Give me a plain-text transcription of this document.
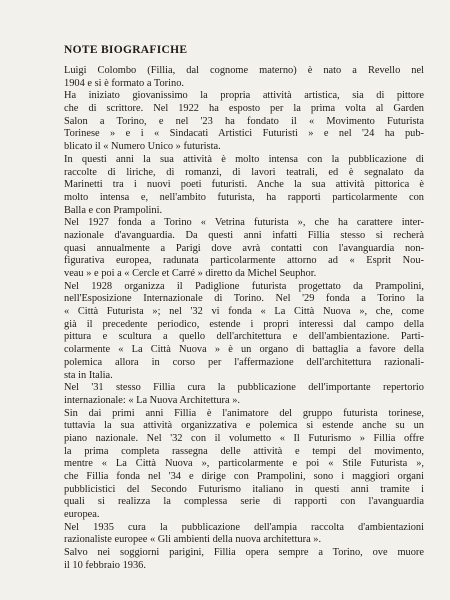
NOTE BIOGRAFICHE
Luigi Colombo (Fillia, dal cognome materno) è nato a Revello nel
1904 e si è formato a Torino.
Ha iniziato giovanissimo la propria attività artistica, sia di pittore
che di scrittore. Nel 1922 ha esposto per la prima volta al Garden
Salon a Torino, e nel '23 ha fondato il « Movimento Futurista
Torinese » e i « Sindacati Artistici Futuristi » e nel '24 ha pub-
blicato il « Numero Unico » futurista.
In questi anni la sua attività è molto intensa con la pubblicazione di
raccolte di liriche, di romanzi, di lavori teatrali, ed è segnalato da
Marinetti tra i nuovi poeti futuristi. Anche la sua attività pittorica è
molto intensa e, nell'ambito futurista, ha rapporti particolarmente con
Balla e con Prampolini.
Nel 1927 fonda a Torino « Vetrina futurista », che ha carattere inter-
nazionale d'avanguardia. Da questi anni infatti Fillia stesso si recherà
quasi annualmente a Parigi dove avrà contatti con l'avanguardia non-
figurativa europea, radunata particolarmente attorno ad « Esprit Nou-
veau » e poi a « Cercle et Carré » diretto da Michel Seuphor.
Nel 1928 organizza il Padiglione futurista progettato da Prampolini,
nell'Esposizione Internazionale di Torino. Nel '29 fonda a Torino la
« Città Futurista »; nel '32 vi fonda « La Città Nuova », che, come
già il precedente periodico, estende i propri interessi dal campo della
pittura e scultura a quello dell'architettura e dell'ambientazione. Parti-
colarmente « La Città Nuova » è un organo di battaglia a favore della
polemica allora in corso per l'affermazione dell'architettura razionali-
sta in Italia.
Nel '31 stesso Fillia cura la pubblicazione dell'importante repertorio
internazionale: « La Nuova Architettura ».
Sin dai primi anni Fillia è l'animatore del gruppo futurista torinese,
tuttavia la sua attività organizzativa e polemica si estende anche su un
piano nazionale. Nel '32 con il volumetto « Il Futurismo » Fillia offre
la prima completa rassegna delle attività e tempi del movimento,
mentre « La Città Nuova », particolarmente e poi « Stile Futurista »,
che Fillia fonda nel '34 e dirige con Prampolini, sono i maggiori organi
pubblicistici del Secondo Futurismo italiano in questi anni tramite i
quali si realizza la complessa serie di rapporti con l'avanguardia
europea.
Nel 1935 cura la pubblicazione dell'ampia raccolta d'ambientazioni
razionaliste europee « Gli ambienti della nuova architettura ».
Salvo nei soggiorni parigini, Fillia opera sempre a Torino, ove muore
il 10 febbraio 1936.
